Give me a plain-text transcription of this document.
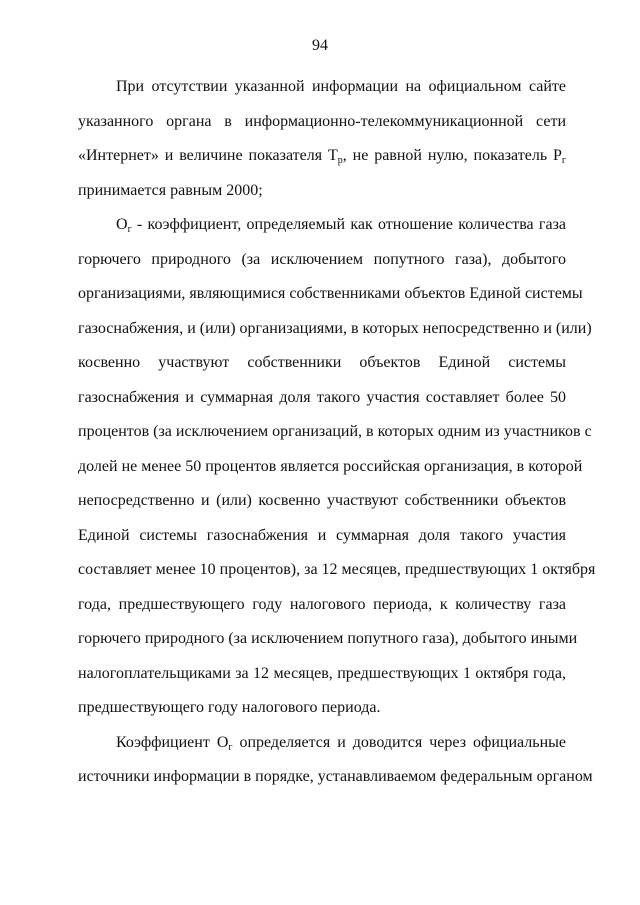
94
При отсутствии указанной информации на официальном сайте
указанного органа в информационно-телекоммуникационной сети
«Интернет» и величине показателя $Т_р$, не равной нулю, показатель $Р_г$
принимается равным 2000;
$О_г$ - коэффициент, определяемый как отношение количества газа
горючего природного (за исключением попутного газа), добытого
организациями, являющимися собственниками объектов Единой системы
газоснабжения, и (или) организациями, в которых непосредственно и (или)
косвенно участвуют собственники объектов Единой системы
газоснабжения и суммарная доля такого участия составляет более 50
процентов (за исключением организаций, в которых одним из участников с
долей не менее 50 процентов является российская организация, в которой
непосредственно и (или) косвенно участвуют собственники объектов
Единой системы газоснабжения и суммарная доля такого участия
составляет менее 10 процентов), за 12 месяцев, предшествующих 1 октября
года, предшествующего году налогового периода, к количеству газа
горючего природного (за исключением попутного газа), добытого иными
налогоплательщиками за 12 месяцев, предшествующих 1 октября года,
предшествующего году налогового периода.
Коэффициент $О_г$ определяется и доводится через официальные
источники информации в порядке, устанавливаемом федеральным органом
